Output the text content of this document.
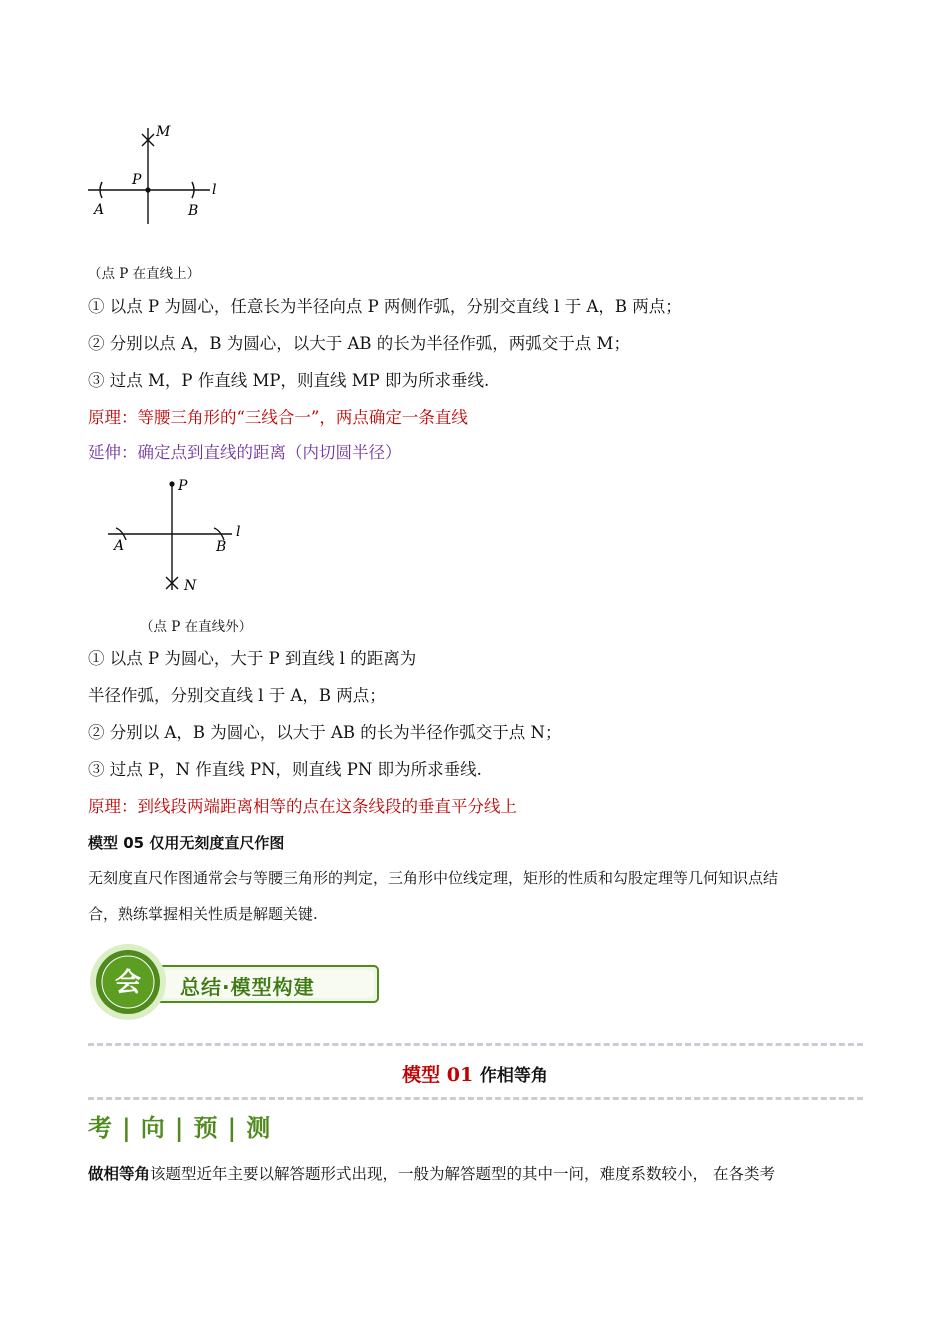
M
P
l
A	B
（点 P 在直线上）
① 以点 P 为圆心，任意长为半径向点 P 两侧作弧，分别交直线 l 于 A，B 两点；
② 分别以点 A，B 为圆心，以大于 AB 的长为半径作弧，两弧交于点 M；
③ 过点 M，P 作直线 MP，则直线 MP 即为所求垂线.
原理：等腰三角形的“三线合一”，两点确定一条直线
延伸：确定点到直线的距离（内切圆半径）
P
l
A	B
N
（点 P 在直线外）
① 以点 P 为圆心，大于 P 到直线 l 的距离为
半径作弧，分别交直线 l 于 A，B 两点；
② 分别以 A，B 为圆心，以大于 AB 的长为半径作弧交于点 N；
③ 过点 P，N 作直线 PN，则直线 PN 即为所求垂线.
原理：到线段两端距离相等的点在这条线段的垂直平分线上
模型 05 仅用无刻度直尺作图
无刻度直尺作图通常会与等腰三角形的判定，三角形中位线定理，矩形的性质和勾股定理等几何知识点结
合，熟练掌握相关性质是解题关键.
会 总结·模型构建
模型 01 作相等角
考 | 向 | 预 | 测
做相等角该题型近年主要以解答题形式出现，一般为解答题型的其中一问，难度系数较小， 在各类考
